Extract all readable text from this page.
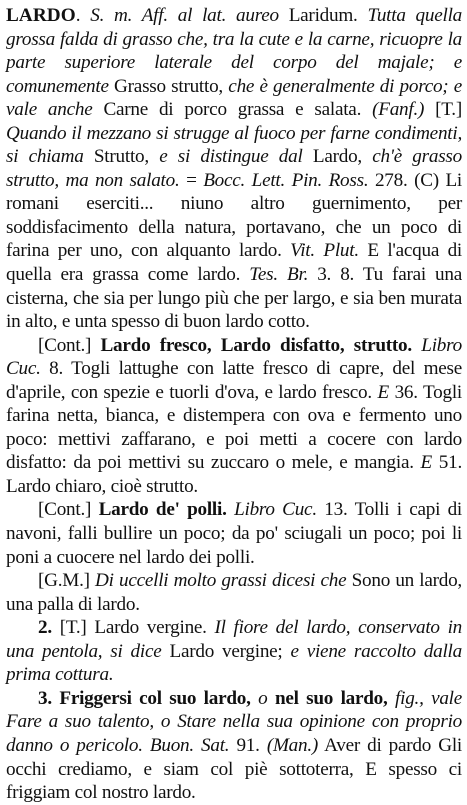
LARDO. S. m. Aff. al lat. aureo Laridum. Tutta quella grossa falda di grasso che, tra la cute e la carne, ricuopre la parte superiore laterale del corpo del majale; e comunemente Grasso strutto, che è generalmente di porco; e vale anche Carne di porco grassa e salata. (Fanf.) [T.] Quando il mezzano si strugge al fuoco per farne condimenti, si chiama Strutto, e si distingue dal Lardo, ch'è grasso strutto, ma non salato. = Bocc. Lett. Pin. Ross. 278. (C) Li romani eserciti... niuno altro guernimento, per soddisfacimento della natura, portavano, che un poco di farina per uno, con alquanto lardo. Vit. Plut. E l'acqua di quella era grassa come lardo. Tes. Br. 3. 8. Tu farai una cisterna, che sia per lungo più che per largo, e sia ben murata in alto, e unta spesso di buon lardo cotto.

[Cont.] Lardo fresco, Lardo disfatto, strutto. Libro Cuc. 8. Togli lattughe con latte fresco di capre, del mese d'aprile, con spezie e tuorli d'ova, e lardo fresco. E 36. Togli farina netta, bianca, e distempera con ova e fermento uno poco: mettivi zaffarano, e poi metti a cocere con lardo disfatto: da poi mettivi su zuccaro o mele, e mangia. E 51. Lardo chiaro, cioè strutto.

[Cont.] Lardo de' polli. Libro Cuc. 13. Tolli i capi di navoni, falli bullire un poco; da po' sciugali un poco; poi li poni a cuocere nel lardo dei polli.

[G.M.] Di uccelli molto grassi dicesi che Sono un lardo, una palla di lardo.

2. [T.] Lardo vergine. Il fiore del lardo, conservato in una pentola, si dice Lardo vergine; e viene raccolto dalla prima cottura.

3. Friggersi col suo lardo, o nel suo lardo, fig., vale Fare a suo talento, o Stare nella sua opinione con proprio danno o pericolo. Buon. Sat. 91. (Man.) Aver di pardo Gli occhi crediamo, e siam col piè sottoterra, E spesso ci friggiam col nostro lardo.
